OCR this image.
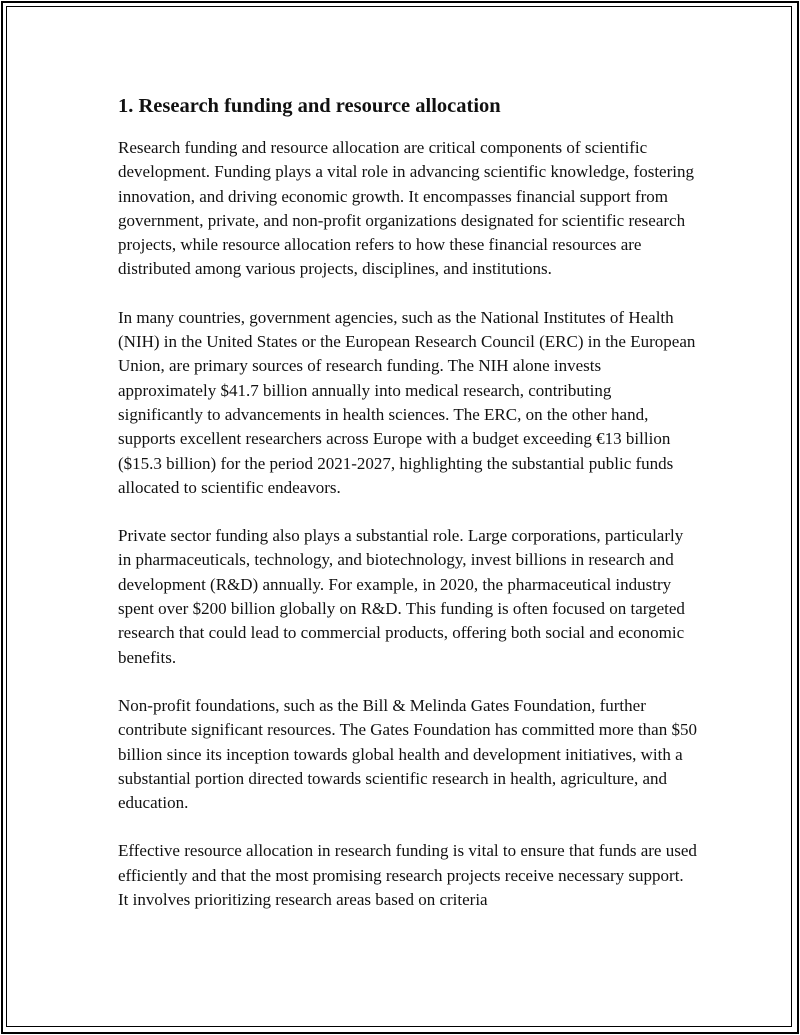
1. Research funding and resource allocation

Research funding and resource allocation are critical components of scientific development. Funding plays a vital role in advancing scientific knowledge, fostering innovation, and driving economic growth. It encompasses financial support from government, private, and non-profit organizations designated for scientific research projects, while resource allocation refers to how these financial resources are distributed among various projects, disciplines, and institutions.

In many countries, government agencies, such as the National Institutes of Health (NIH) in the United States or the European Research Council (ERC) in the European Union, are primary sources of research funding. The NIH alone invests approximately $41.7 billion annually into medical research, contributing significantly to advancements in health sciences. The ERC, on the other hand, supports excellent researchers across Europe with a budget exceeding €13 billion ($15.3 billion) for the period 2021-2027, highlighting the substantial public funds allocated to scientific endeavors.

Private sector funding also plays a substantial role. Large corporations, particularly in pharmaceuticals, technology, and biotechnology, invest billions in research and development (R&D) annually. For example, in 2020, the pharmaceutical industry spent over $200 billion globally on R&D. This funding is often focused on targeted research that could lead to commercial products, offering both social and economic benefits.

Non-profit foundations, such as the Bill & Melinda Gates Foundation, further contribute significant resources. The Gates Foundation has committed more than $50 billion since its inception towards global health and development initiatives, with a substantial portion directed towards scientific research in health, agriculture, and education.

Effective resource allocation in research funding is vital to ensure that funds are used efficiently and that the most promising research projects receive necessary support. It involves prioritizing research areas based on criteria
